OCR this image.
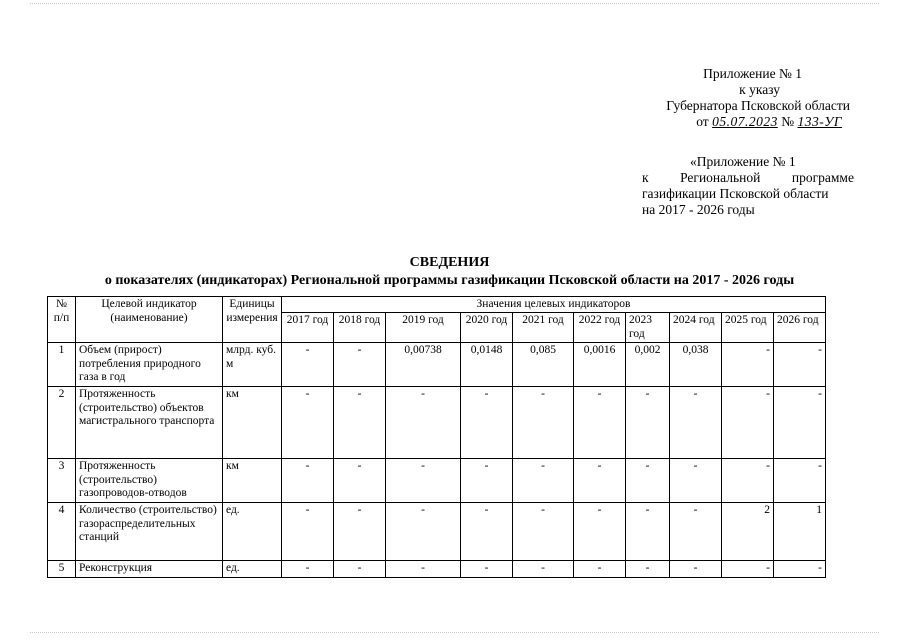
Приложение № 1
к указу
Губернатора Псковской области
от 05.07.2023 № 133-УГ
«Приложение № 1
к Региональной программе
газификации Псковской области
на 2017 - 2026 годы
СВЕДЕНИЯ
о показателях (индикаторах) Региональной программы газификации Псковской области на 2017 - 2026 годы
№ п/п	Целевой индикатор (наименование)	Единицы измерения	Значения целевых индикаторов									
			2017 год	2018 год	2019 год	2020 год	2021 год	2022 год	2023 год	2024 год	2025 год	2026 год
1	Объем (прирост) потребления природного газа в год	млрд. куб. м	-	-	0,00738	0,0148	0,085	0,0016	0,002	0,038	-	-
2	Протяженность (строительство) объектов магистрального транспорта	км	-	-	-	-	-	-	-	-	-	-
3	Протяженность (строительство) газопроводов-отводов	км	-	-	-	-	-	-	-	-	-	-
4	Количество (строительство) газораспределительных станций	ед.	-	-	-	-	-	-	-	-	2	1
5	Реконструкция	ед.	-	-	-	-	-	-	-	-	-	-
